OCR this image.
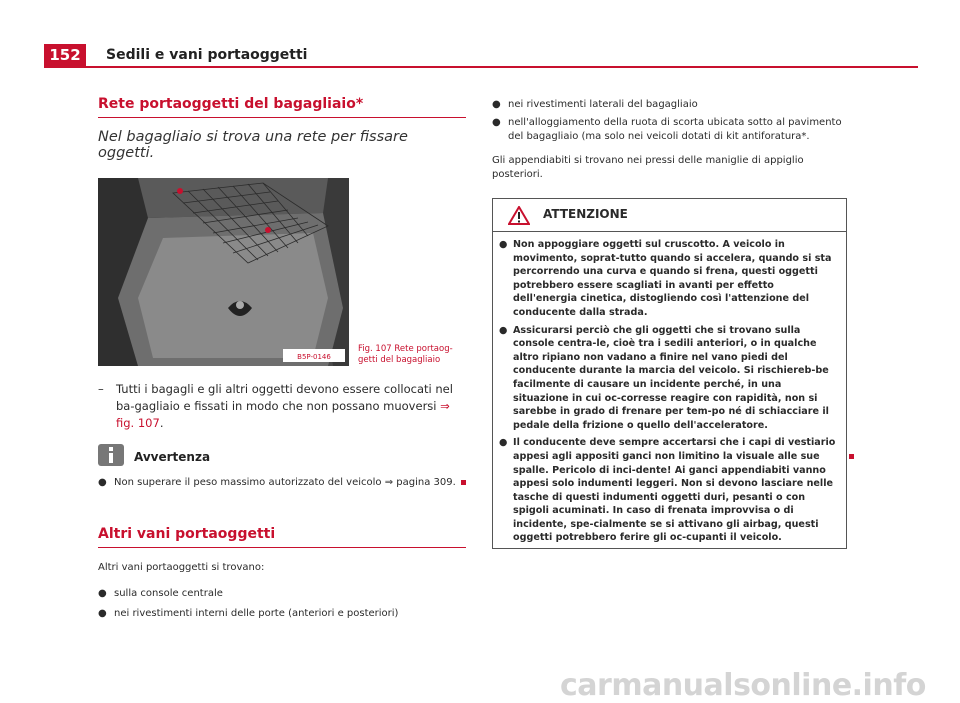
152	Sedili e vani portaoggetti
Rete portaoggetti del bagagliaio*

Nel bagagliaio si trova una rete per fissare oggetti.

B5P-0146
Fig. 107 Rete portaog-
getti del bagagliaio
– Tutti i bagagli e gli altri oggetti devono essere collocati nel ba-gagliaio e fissati in modo che non possano muoversi ⇒ fig. 107.
Avvertenza
● Non superare il peso massimo autorizzato del veicolo ⇒ pagina 309.
Altri vani portaoggetti
Altri vani portaoggetti si trovano:
● sulla console centrale
● nei rivestimenti interni delle porte (anteriori e posteriori)
● nei rivestimenti laterali del bagagliaio
● nell'alloggiamento della ruota di scorta ubicata sotto al pavimento del bagagliaio (ma solo nei veicoli dotati di kit antiforatura*.
Gli appendiabiti si trovano nei pressi delle maniglie di appiglio posteriori.
ATTENZIONE
● Non appoggiare oggetti sul cruscotto. A veicolo in movimento, soprat-tutto quando si accelera, quando si sta percorrendo una curva e quando si frena, questi oggetti potrebbero essere scagliati in avanti per effetto dell'energia cinetica, distogliendo così l'attenzione del conducente dalla strada.
● Assicurarsi perciò che gli oggetti che si trovano sulla console centra-le, cioè tra i sedili anteriori, o in qualche altro ripiano non vadano a finire nel vano piedi del conducente durante la marcia del veicolo. Si rischiereb-be facilmente di causare un incidente perché, in una situazione in cui oc-corresse reagire con rapidità, non si sarebbe in grado di frenare per tem-po né di schiacciare il pedale della frizione o quello dell'acceleratore.
● Il conducente deve sempre accertarsi che i capi di vestiario appesi agli appositi ganci non limitino la visuale alle sue spalle. Pericolo di inci-dente! Ai ganci appendiabiti vanno appesi solo indumenti leggeri. Non si devono lasciare nelle tasche di questi indumenti oggetti duri, pesanti o con spigoli acuminati. In caso di frenata improvvisa o di incidente, spe-cialmente se si attivano gli airbag, questi oggetti potrebbero ferire gli oc-cupanti il veicolo.
carmanualsonline.info
